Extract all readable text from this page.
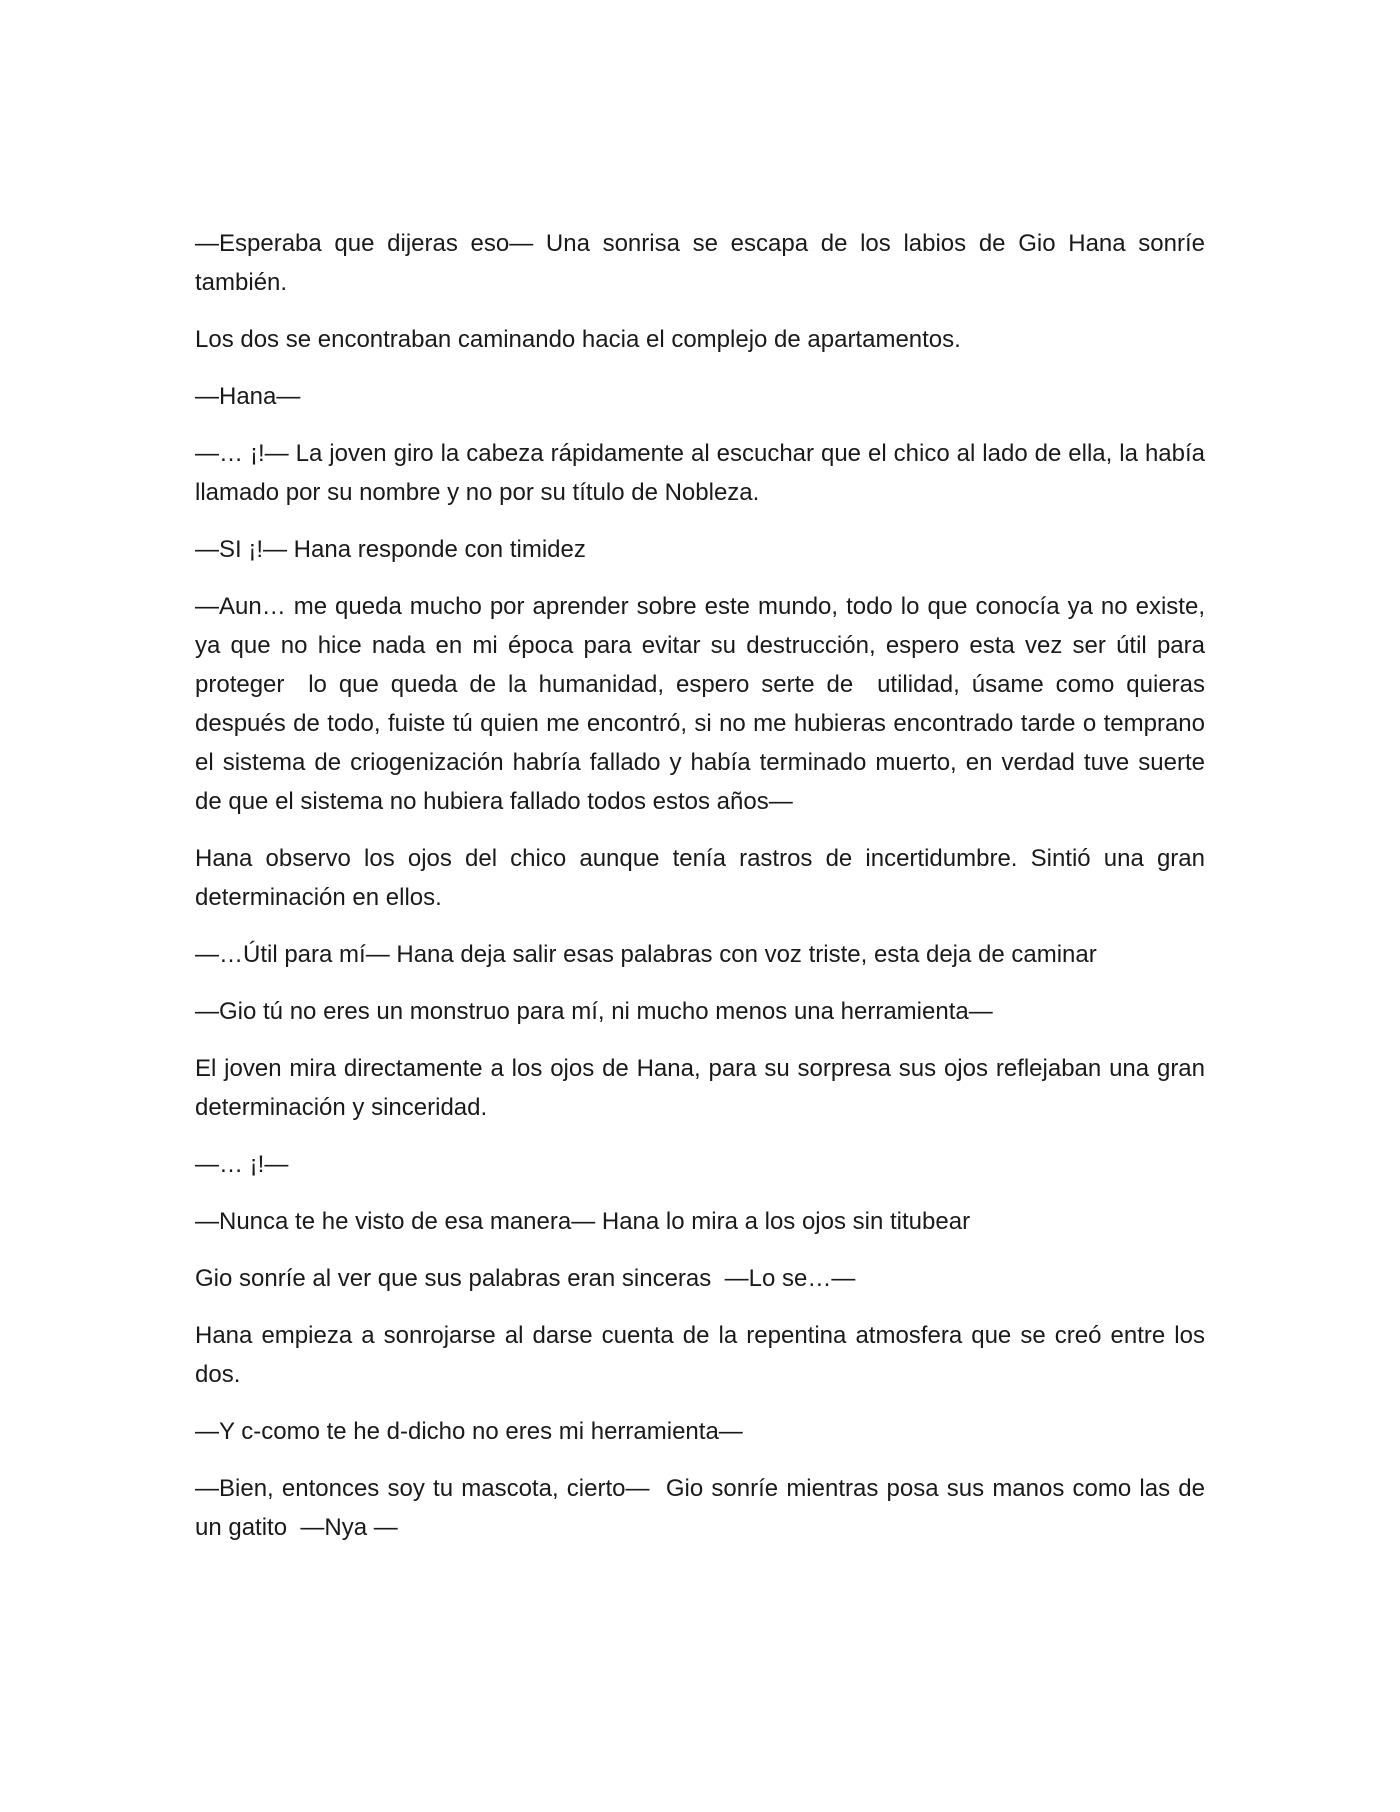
—Esperaba que dijeras eso— Una sonrisa se escapa de los labios de Gio Hana sonríe también.

Los dos se encontraban caminando hacia el complejo de apartamentos.

—Hana—

—… ¡!— La joven giro la cabeza rápidamente al escuchar que el chico al lado de ella, la había llamado por su nombre y no por su título de Nobleza.

—SI ¡!— Hana responde con timidez

—Aun… me queda mucho por aprender sobre este mundo, todo lo que conocía ya no existe, ya que no hice nada en mi época para evitar su destrucción, espero esta vez ser útil para proteger  lo que queda de la humanidad, espero serte de  utilidad, úsame como quieras después de todo, fuiste tú quien me encontró, si no me hubieras encontrado tarde o temprano el sistema de criogenización habría fallado y había terminado muerto, en verdad tuve suerte de que el sistema no hubiera fallado todos estos años—

Hana observo los ojos del chico aunque tenía rastros de incertidumbre. Sintió una gran determinación en ellos.

—…Útil para mí— Hana deja salir esas palabras con voz triste, esta deja de caminar

—Gio tú no eres un monstruo para mí, ni mucho menos una herramienta—

El joven mira directamente a los ojos de Hana, para su sorpresa sus ojos reflejaban una gran determinación y sinceridad.

—… ¡!—

—Nunca te he visto de esa manera— Hana lo mira a los ojos sin titubear

Gio sonríe al ver que sus palabras eran sinceras  —Lo se…—

Hana empieza a sonrojarse al darse cuenta de la repentina atmosfera que se creó entre los dos.

—Y c-como te he d-dicho no eres mi herramienta—

—Bien, entonces soy tu mascota, cierto—  Gio sonríe mientras posa sus manos como las de un gatito  —Nya —
